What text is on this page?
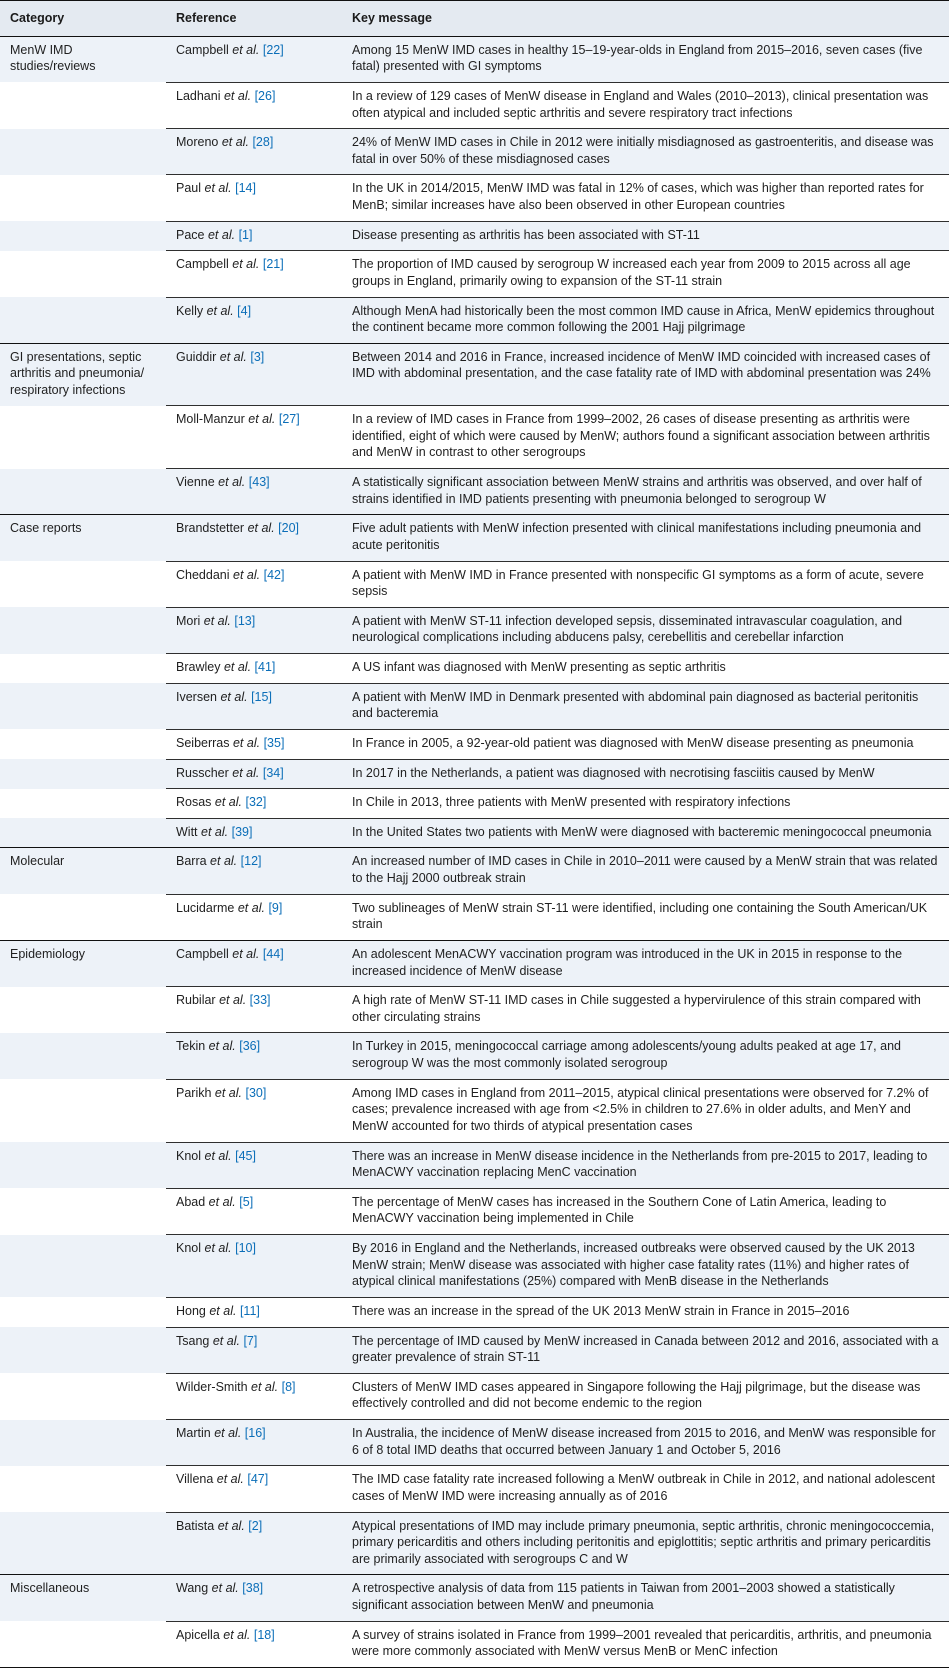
Category	Reference	Key message
MenW IMD studies/reviews	Campbell et al. [22]	Among 15 MenW IMD cases in healthy 15–19-year-olds in England from 2015–2016, seven cases (five fatal) presented with GI symptoms
	Ladhani et al. [26]	In a review of 129 cases of MenW disease in England and Wales (2010–2013), clinical presentation was often atypical and included septic arthritis and severe respiratory tract infections
	Moreno et al. [28]	24% of MenW IMD cases in Chile in 2012 were initially misdiagnosed as gastroenteritis, and disease was fatal in over 50% of these misdiagnosed cases
	Paul et al. [14]	In the UK in 2014/2015, MenW IMD was fatal in 12% of cases, which was higher than reported rates for MenB; similar increases have also been observed in other European countries
	Pace et al. [1]	Disease presenting as arthritis has been associated with ST-11
	Campbell et al. [21]	The proportion of IMD caused by serogroup W increased each year from 2009 to 2015 across all age groups in England, primarily owing to expansion of the ST-11 strain
	Kelly et al. [4]	Although MenA had historically been the most common IMD cause in Africa, MenW epidemics throughout the continent became more common following the 2001 Hajj pilgrimage
GI presentations, septic arthritis and pneumonia/ respiratory infections	Guiddir et al. [3]	Between 2014 and 2016 in France, increased incidence of MenW IMD coincided with increased cases of IMD with abdominal presentation, and the case fatality rate of IMD with abdominal presentation was 24%
	Moll-Manzur et al. [27]	In a review of IMD cases in France from 1999–2002, 26 cases of disease presenting as arthritis were identified, eight of which were caused by MenW; authors found a significant association between arthritis and MenW in contrast to other serogroups
	Vienne et al. [43]	A statistically significant association between MenW strains and arthritis was observed, and over half of strains identified in IMD patients presenting with pneumonia belonged to serogroup W
Case reports	Brandstetter et al. [20]	Five adult patients with MenW infection presented with clinical manifestations including pneumonia and acute peritonitis
	Cheddani et al. [42]	A patient with MenW IMD in France presented with nonspecific GI symptoms as a form of acute, severe sepsis
	Mori et al. [13]	A patient with MenW ST-11 infection developed sepsis, disseminated intravascular coagulation, and neurological complications including abducens palsy, cerebellitis and cerebellar infarction
	Brawley et al. [41]	A US infant was diagnosed with MenW presenting as septic arthritis
	Iversen et al. [15]	A patient with MenW IMD in Denmark presented with abdominal pain diagnosed as bacterial peritonitis and bacteremia
	Seiberras et al. [35]	In France in 2005, a 92-year-old patient was diagnosed with MenW disease presenting as pneumonia
	Russcher et al. [34]	In 2017 in the Netherlands, a patient was diagnosed with necrotising fasciitis caused by MenW
	Rosas et al. [32]	In Chile in 2013, three patients with MenW presented with respiratory infections
	Witt et al. [39]	In the United States two patients with MenW were diagnosed with bacteremic meningococcal pneumonia
Molecular	Barra et al. [12]	An increased number of IMD cases in Chile in 2010–2011 were caused by a MenW strain that was related to the Hajj 2000 outbreak strain
	Lucidarme et al. [9]	Two sublineages of MenW strain ST-11 were identified, including one containing the South American/UK strain
Epidemiology	Campbell et al. [44]	An adolescent MenACWY vaccination program was introduced in the UK in 2015 in response to the increased incidence of MenW disease
	Rubilar et al. [33]	A high rate of MenW ST-11 IMD cases in Chile suggested a hypervirulence of this strain compared with other circulating strains
	Tekin et al. [36]	In Turkey in 2015, meningococcal carriage among adolescents/young adults peaked at age 17, and serogroup W was the most commonly isolated serogroup
	Parikh et al. [30]	Among IMD cases in England from 2011–2015, atypical clinical presentations were observed for 7.2% of cases; prevalence increased with age from <2.5% in children to 27.6% in older adults, and MenY and MenW accounted for two thirds of atypical presentation cases
	Knol et al. [45]	There was an increase in MenW disease incidence in the Netherlands from pre-2015 to 2017, leading to MenACWY vaccination replacing MenC vaccination
	Abad et al. [5]	The percentage of MenW cases has increased in the Southern Cone of Latin America, leading to MenACWY vaccination being implemented in Chile
	Knol et al. [10]	By 2016 in England and the Netherlands, increased outbreaks were observed caused by the UK 2013 MenW strain; MenW disease was associated with higher case fatality rates (11%) and higher rates of atypical clinical manifestations (25%) compared with MenB disease in the Netherlands
	Hong et al. [11]	There was an increase in the spread of the UK 2013 MenW strain in France in 2015–2016
	Tsang et al. [7]	The percentage of IMD caused by MenW increased in Canada between 2012 and 2016, associated with a greater prevalence of strain ST-11
	Wilder-Smith et al. [8]	Clusters of MenW IMD cases appeared in Singapore following the Hajj pilgrimage, but the disease was effectively controlled and did not become endemic to the region
	Martin et al. [16]	In Australia, the incidence of MenW disease increased from 2015 to 2016, and MenW was responsible for 6 of 8 total IMD deaths that occurred between January 1 and October 5, 2016
	Villena et al. [47]	The IMD case fatality rate increased following a MenW outbreak in Chile in 2012, and national adolescent cases of MenW IMD were increasing annually as of 2016
	Batista et al. [2]	Atypical presentations of IMD may include primary pneumonia, septic arthritis, chronic meningococcemia, primary pericarditis and others including peritonitis and epiglottitis; septic arthritis and primary pericarditis are primarily associated with serogroups C and W
Miscellaneous	Wang et al. [38]	A retrospective analysis of data from 115 patients in Taiwan from 2001–2003 showed a statistically significant association between MenW and pneumonia
	Apicella et al. [18]	A survey of strains isolated in France from 1999–2001 revealed that pericarditis, arthritis, and pneumonia were more commonly associated with MenW versus MenB or MenC infection
